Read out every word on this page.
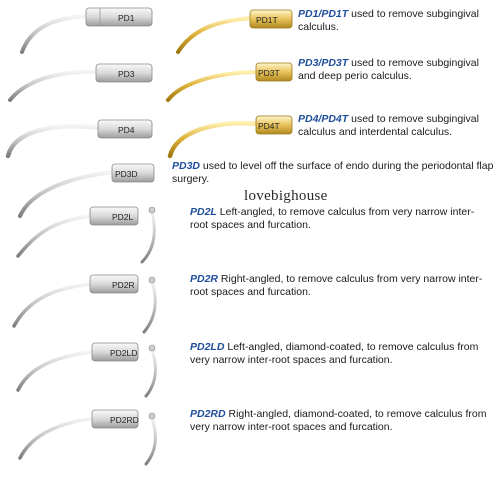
PD1
PD3
PD4
PD3D
PD1T
PD3T
PD4T
PD2L
PD2R
PD2LD
PD2RD
PD1/PD1T used to remove subgingival calculus.
PD3/PD3T used to remove subgingival and deep perio calculus.
PD4/PD4T used to remove subgingival calculus and interdental calculus.
PD3D used to level off the surface of endo during the periodontal flap surgery.
lovebighouse
PD2L Left-angled, to remove calculus from very narrow inter-root spaces and furcation.
PD2R Right-angled, to remove calculus from very narrow inter-root spaces and furcation.
PD2LD Left-angled, diamond-coated, to remove calculus from very narrow inter-root spaces and furcation.
PD2RD Right-angled, diamond-coated, to remove calculus from very narrow inter-root spaces and furcation.
